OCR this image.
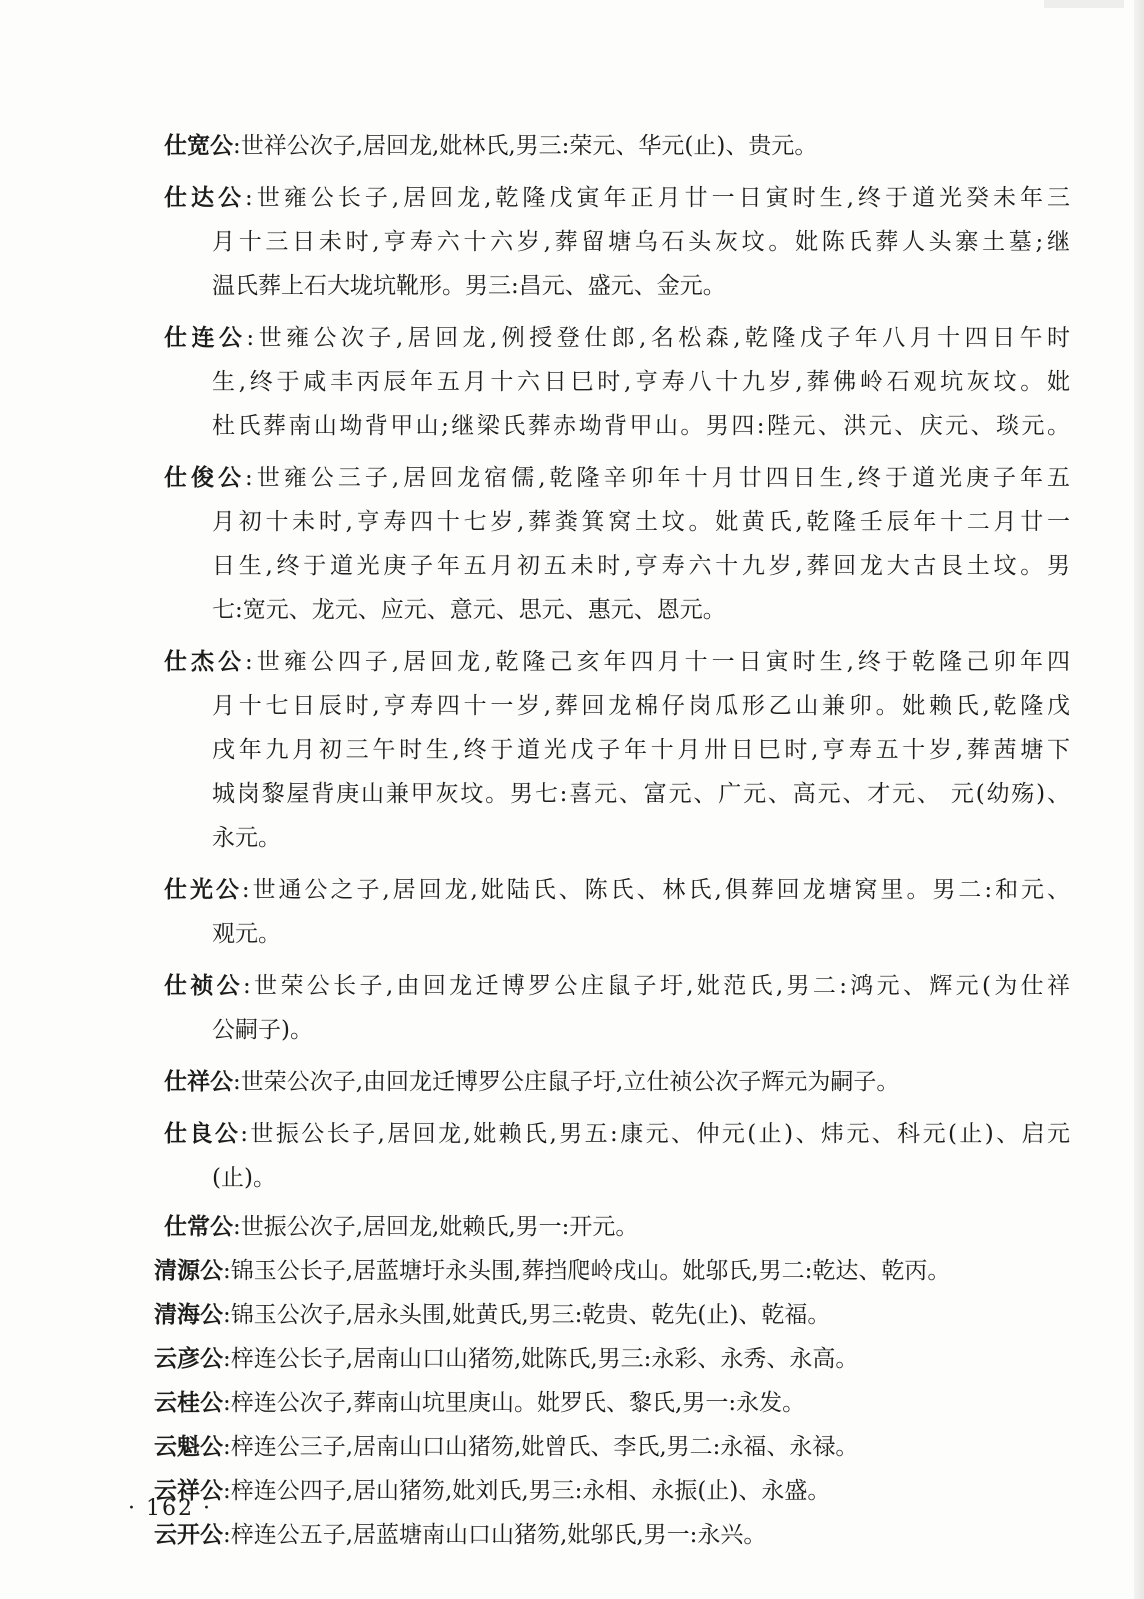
仕宽公:世祥公次子,居回龙,妣林氏,男三:荣元、华元(止)、贵元。
仕达公:世雍公长子,居回龙,乾隆戊寅年正月廿一日寅时生,终于道光癸未年三
月十三日未时,亨寿六十六岁,葬留塘乌石头灰坟。妣陈氏葬人头寨土墓;继
温氏葬上石大垅坑靴形。男三:昌元、盛元、金元。
仕连公:世雍公次子,居回龙,例授登仕郎,名松森,乾隆戊子年八月十四日午时
生,终于咸丰丙辰年五月十六日巳时,亨寿八十九岁,葬佛岭石观坑灰坟。妣
杜氏葬南山坳背甲山;继梁氏葬赤坳背甲山。男四:陛元、洪元、庆元、琰元。
仕俊公:世雍公三子,居回龙宿儒,乾隆辛卯年十月廿四日生,终于道光庚子年五
月初十未时,亨寿四十七岁,葬粪箕窝土坟。妣黄氏,乾隆壬辰年十二月廿一
日生,终于道光庚子年五月初五未时,亨寿六十九岁,葬回龙大古艮土坟。男
七:宽元、龙元、应元、意元、思元、惠元、恩元。
仕杰公:世雍公四子,居回龙,乾隆己亥年四月十一日寅时生,终于乾隆己卯年四
月十七日辰时,亨寿四十一岁,葬回龙棉仔岗瓜形乙山兼卯。妣赖氏,乾隆戊
戌年九月初三午时生,终于道光戊子年十月卅日巳时,亨寿五十岁,葬茜塘下
城岗黎屋背庚山兼甲灰坟。男七:喜元、富元、广元、高元、才元、 元(幼殇)、
永元。
仕光公:世通公之子,居回龙,妣陆氏、陈氏、林氏,俱葬回龙塘窝里。男二:和元、
观元。
仕祯公:世荣公长子,由回龙迁博罗公庄鼠子圩,妣范氏,男二:鸿元、辉元(为仕祥
公嗣子)。
仕祥公:世荣公次子,由回龙迁博罗公庄鼠子圩,立仕祯公次子辉元为嗣子。
仕良公:世振公长子,居回龙,妣赖氏,男五:康元、仲元(止)、炜元、科元(止)、启元
(止)。
仕常公:世振公次子,居回龙,妣赖氏,男一:开元。
清源公:锦玉公长子,居蓝塘圩永头围,葬挡爬岭戌山。妣邬氏,男二:乾达、乾丙。
清海公:锦玉公次子,居永头围,妣黄氏,男三:乾贵、乾先(止)、乾福。
云彦公:梓连公长子,居南山口山猪笏,妣陈氏,男三:永彩、永秀、永高。
云桂公:梓连公次子,葬南山坑里庚山。妣罗氏、黎氏,男一:永发。
云魁公:梓连公三子,居南山口山猪笏,妣曾氏、李氏,男二:永福、永禄。
云祥公:梓连公四子,居山猪笏,妣刘氏,男三:永相、永振(止)、永盛。
云开公:梓连公五子,居蓝塘南山口山猪笏,妣邬氏,男一:永兴。
· 162 ·
